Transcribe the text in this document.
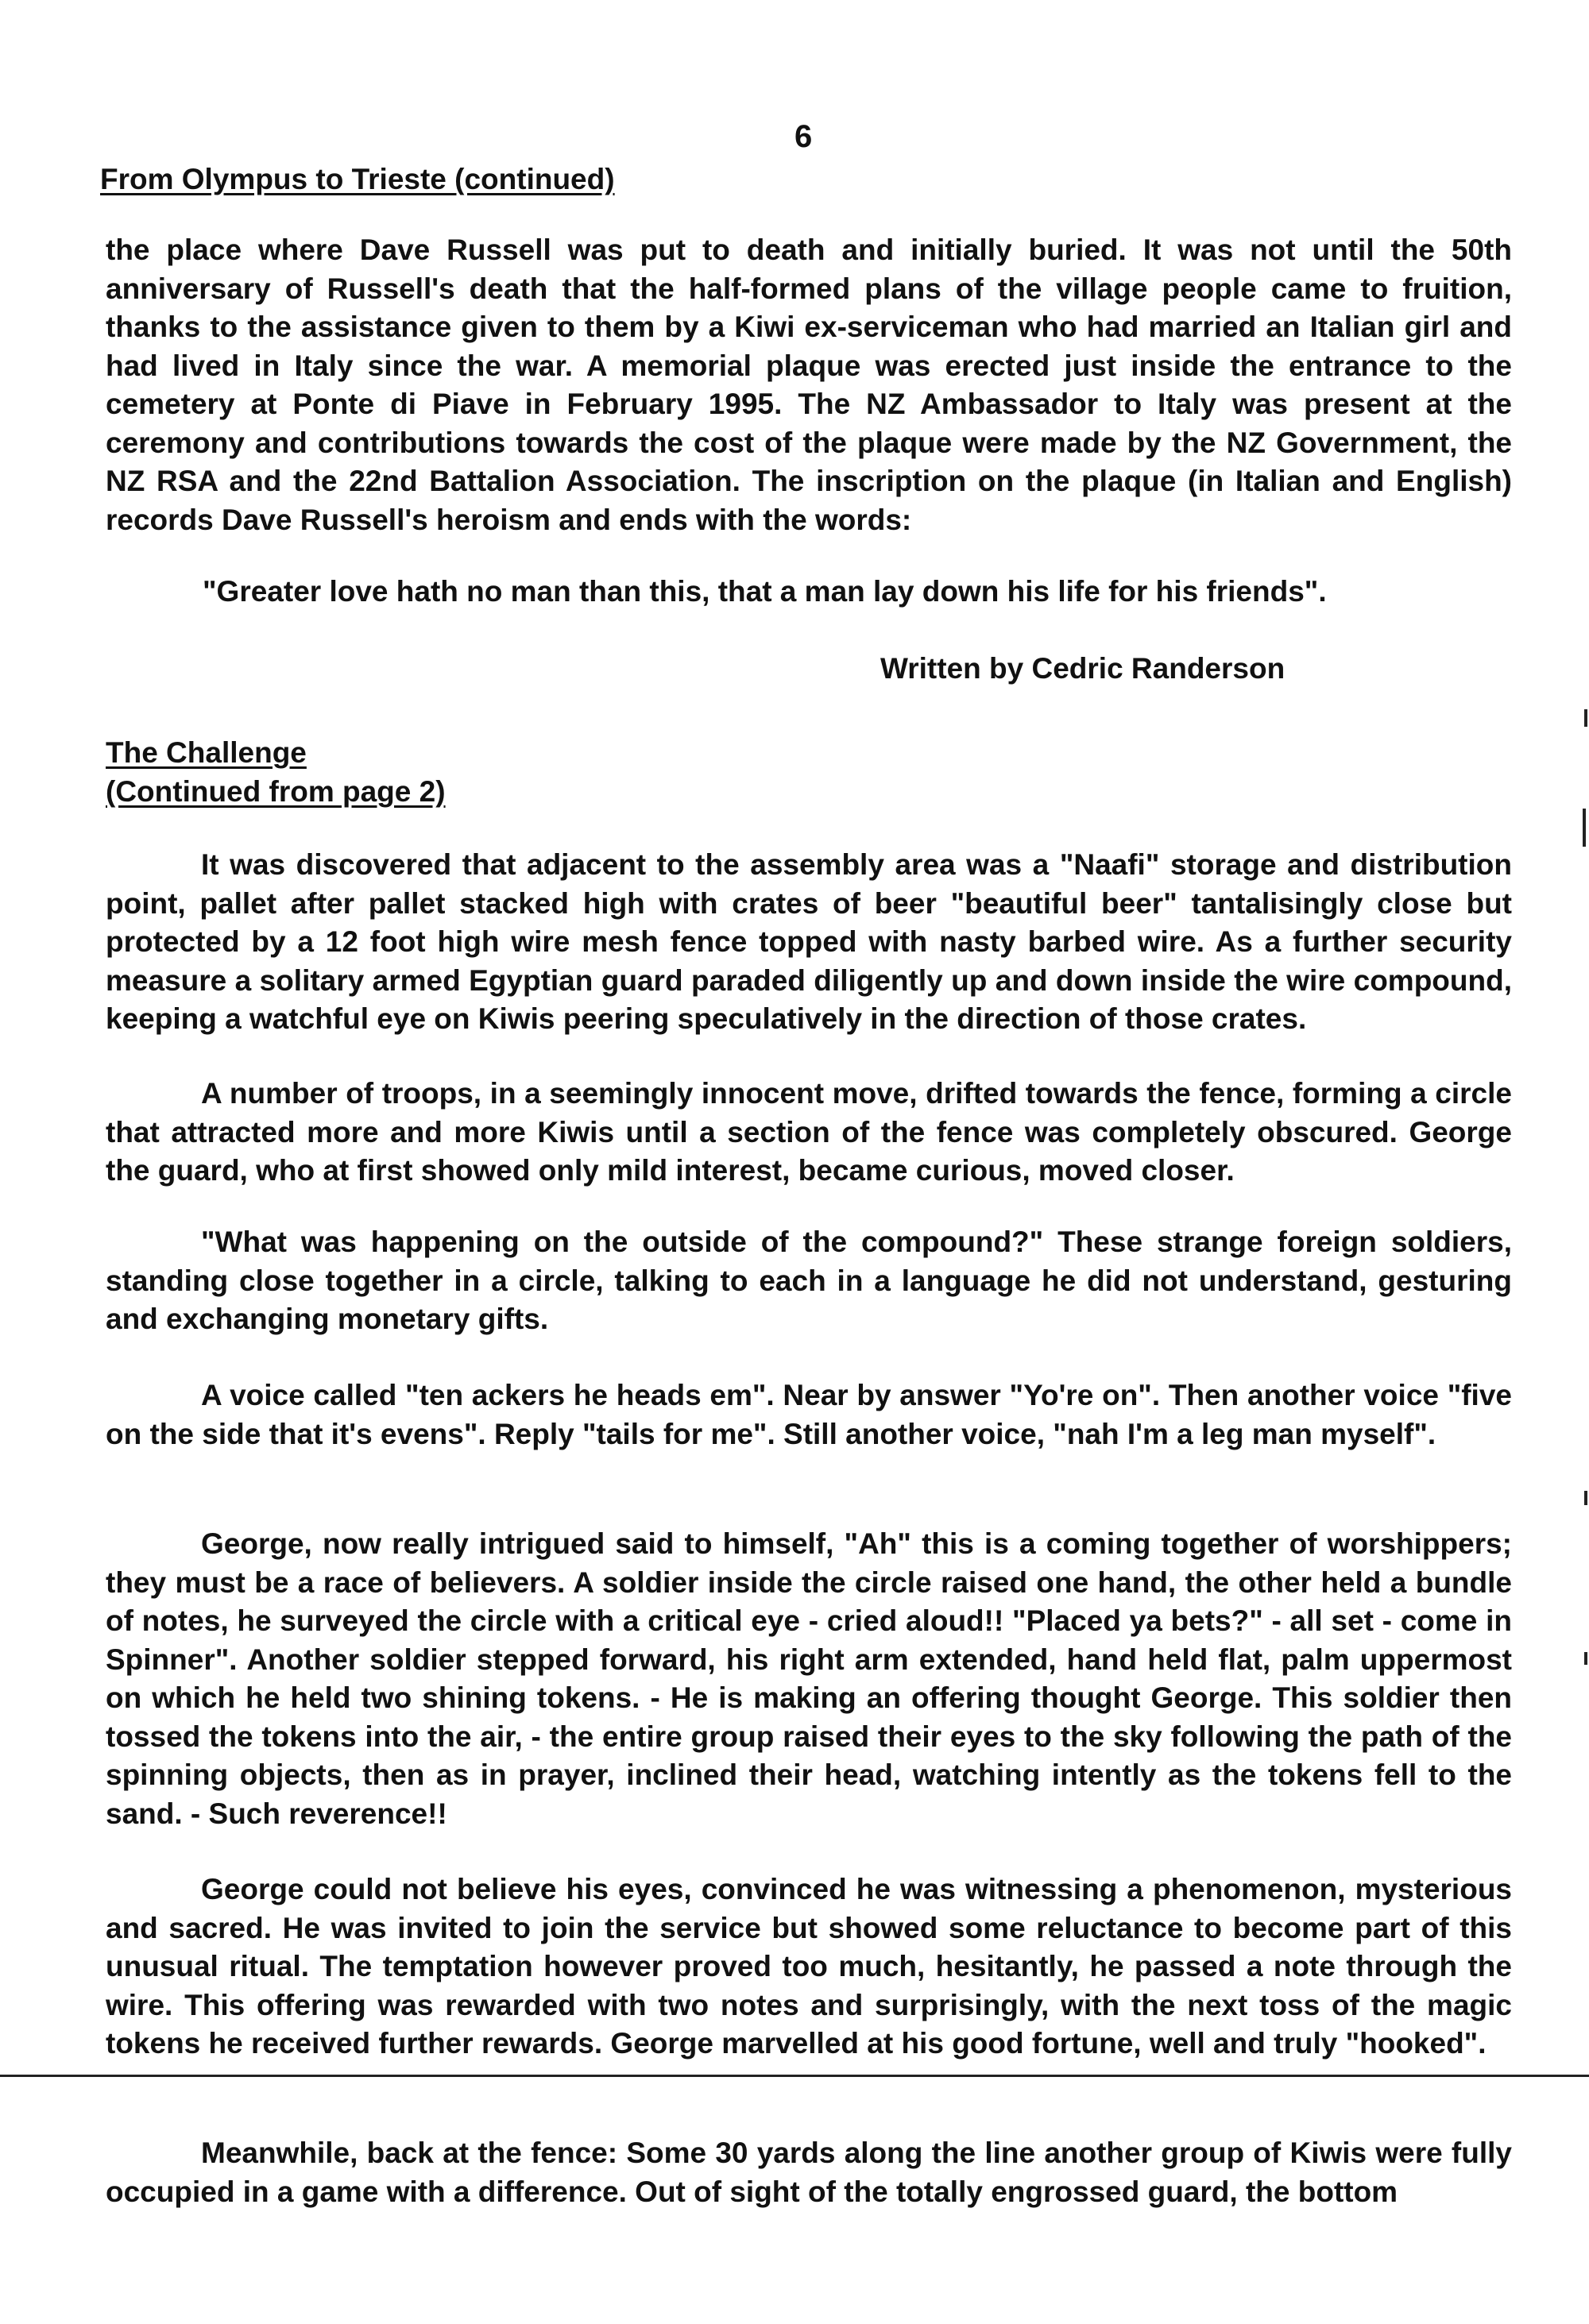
6
From Olympus to Trieste (continued)

the place where Dave Russell was put to death and initially buried. It was not until the 50th anniversary of Russell's death that the half-formed plans of the village people came to fruition, thanks to the assistance given to them by a Kiwi ex-serviceman who had married an Italian girl and had lived in Italy since the war. A memorial plaque was erected just inside the entrance to the cemetery at Ponte di Piave in February 1995. The NZ Ambassador to Italy was present at the ceremony and contributions towards the cost of the plaque were made by the NZ Government, the NZ RSA and the 22nd Battalion Association. The inscription on the plaque (in Italian and English) records Dave Russell's heroism and ends with the words:

"Greater love hath no man than this, that a man lay down his life for his friends".
Written by Cedric Randerson
The Challenge
(Continued from page 2)

It was discovered that adjacent to the assembly area was a "Naafi" storage and distribution point, pallet after pallet stacked high with crates of beer "beautiful beer" tantalisingly close but protected by a 12 foot high wire mesh fence topped with nasty barbed wire. As a further security measure a solitary armed Egyptian guard paraded diligently up and down inside the wire compound, keeping a watchful eye on Kiwis peering speculatively in the direction of those crates.

A number of troops, in a seemingly innocent move, drifted towards the fence, forming a circle that attracted more and more Kiwis until a section of the fence was completely obscured. George the guard, who at first showed only mild interest, became curious, moved closer.

"What was happening on the outside of the compound?" These strange foreign soldiers, standing close together in a circle, talking to each in a language he did not understand, gesturing and exchanging monetary gifts.

A voice called "ten ackers he heads em". Near by answer "Yo're on". Then another voice "five on the side that it's evens". Reply "tails for me". Still another voice, "nah I'm a leg man myself".

George, now really intrigued said to himself, "Ah" this is a coming together of worshippers; they must be a race of believers. A soldier inside the circle raised one hand, the other held a bundle of notes, he surveyed the circle with a critical eye - cried aloud!! "Placed ya bets?" - all set - come in Spinner". Another soldier stepped forward, his right arm extended, hand held flat, palm uppermost on which he held two shining tokens. - He is making an offering thought George. This soldier then tossed the tokens into the air, - the entire group raised their eyes to the sky following the path of the spinning objects, then as in prayer, inclined their head, watching intently as the tokens fell to the sand. - Such reverence!!

George could not believe his eyes, convinced he was witnessing a phenomenon, mysterious and sacred. He was invited to join the service but showed some reluctance to become part of this unusual ritual. The temptation however proved too much, hesitantly, he passed a note through the wire. This offering was rewarded with two notes and surprisingly, with the next toss of the magic tokens he received further rewards. George marvelled at his good fortune, well and truly "hooked".

Meanwhile, back at the fence: Some 30 yards along the line another group of Kiwis were fully occupied in a game with a difference. Out of sight of the totally engrossed guard, the bottom
